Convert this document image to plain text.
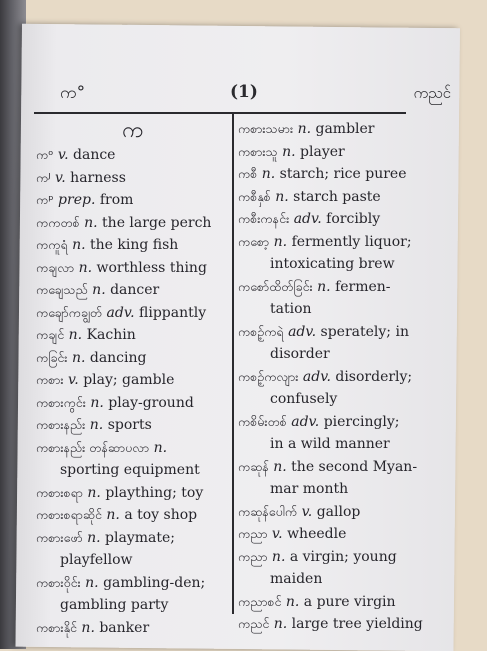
က°	(1)	ကညင်
က
ကᵒ v. dance
ကᴶ v. harness
ကᵖ prep. from
ကကတစ် n. the large perch
ကကူရံ n. the king fish
ကချလာ n. worthless thing
ကချေသည် n. dancer
ကချော်ကချွတ် adv. flippantly
ကချင် n. Kachin
ကခြင်း n. dancing
ကစား v. play; gamble
ကစားကွင်း n. play-ground
ကစားနည်း n. sports
ကစားနည်း တန်ဆာပလာ n.
sporting equipment
ကစားစရာ n. plaything; toy
ကစားစရာဆိုင် n. a toy shop
ကစားဖော် n. playmate;
playfellow
ကစားဝိုင်း n. gambling-den;
gambling party
ကစားနိုင် n. banker
ကစားသမား n. gambler
ကစားသူ n. player
ကစီ n. starch; rice puree
ကစီနှစ် n. starch paste
ကစီးကနင်း adv. forcibly
ကစော့ n. fermently liquor;
intoxicating brew
ကစော်ထိတ်ခြင်း n. fermen-
tation
ကစဉ့်ကရဲ adv. sperately; in
disorder
ကစဉ့်ကလျား adv. disorderly;
confusely
ကစိမ်းတစ် adv. piercingly;
in a wild manner
ကဆုန် n. the second Myan-
mar month
ကဆုန်ပေါက် v. gallop
ကညာ v. wheedle
ကညာ n. a virgin; young
maiden
ကညာစင် n. a pure virgin
ကညင် n. large tree yielding
